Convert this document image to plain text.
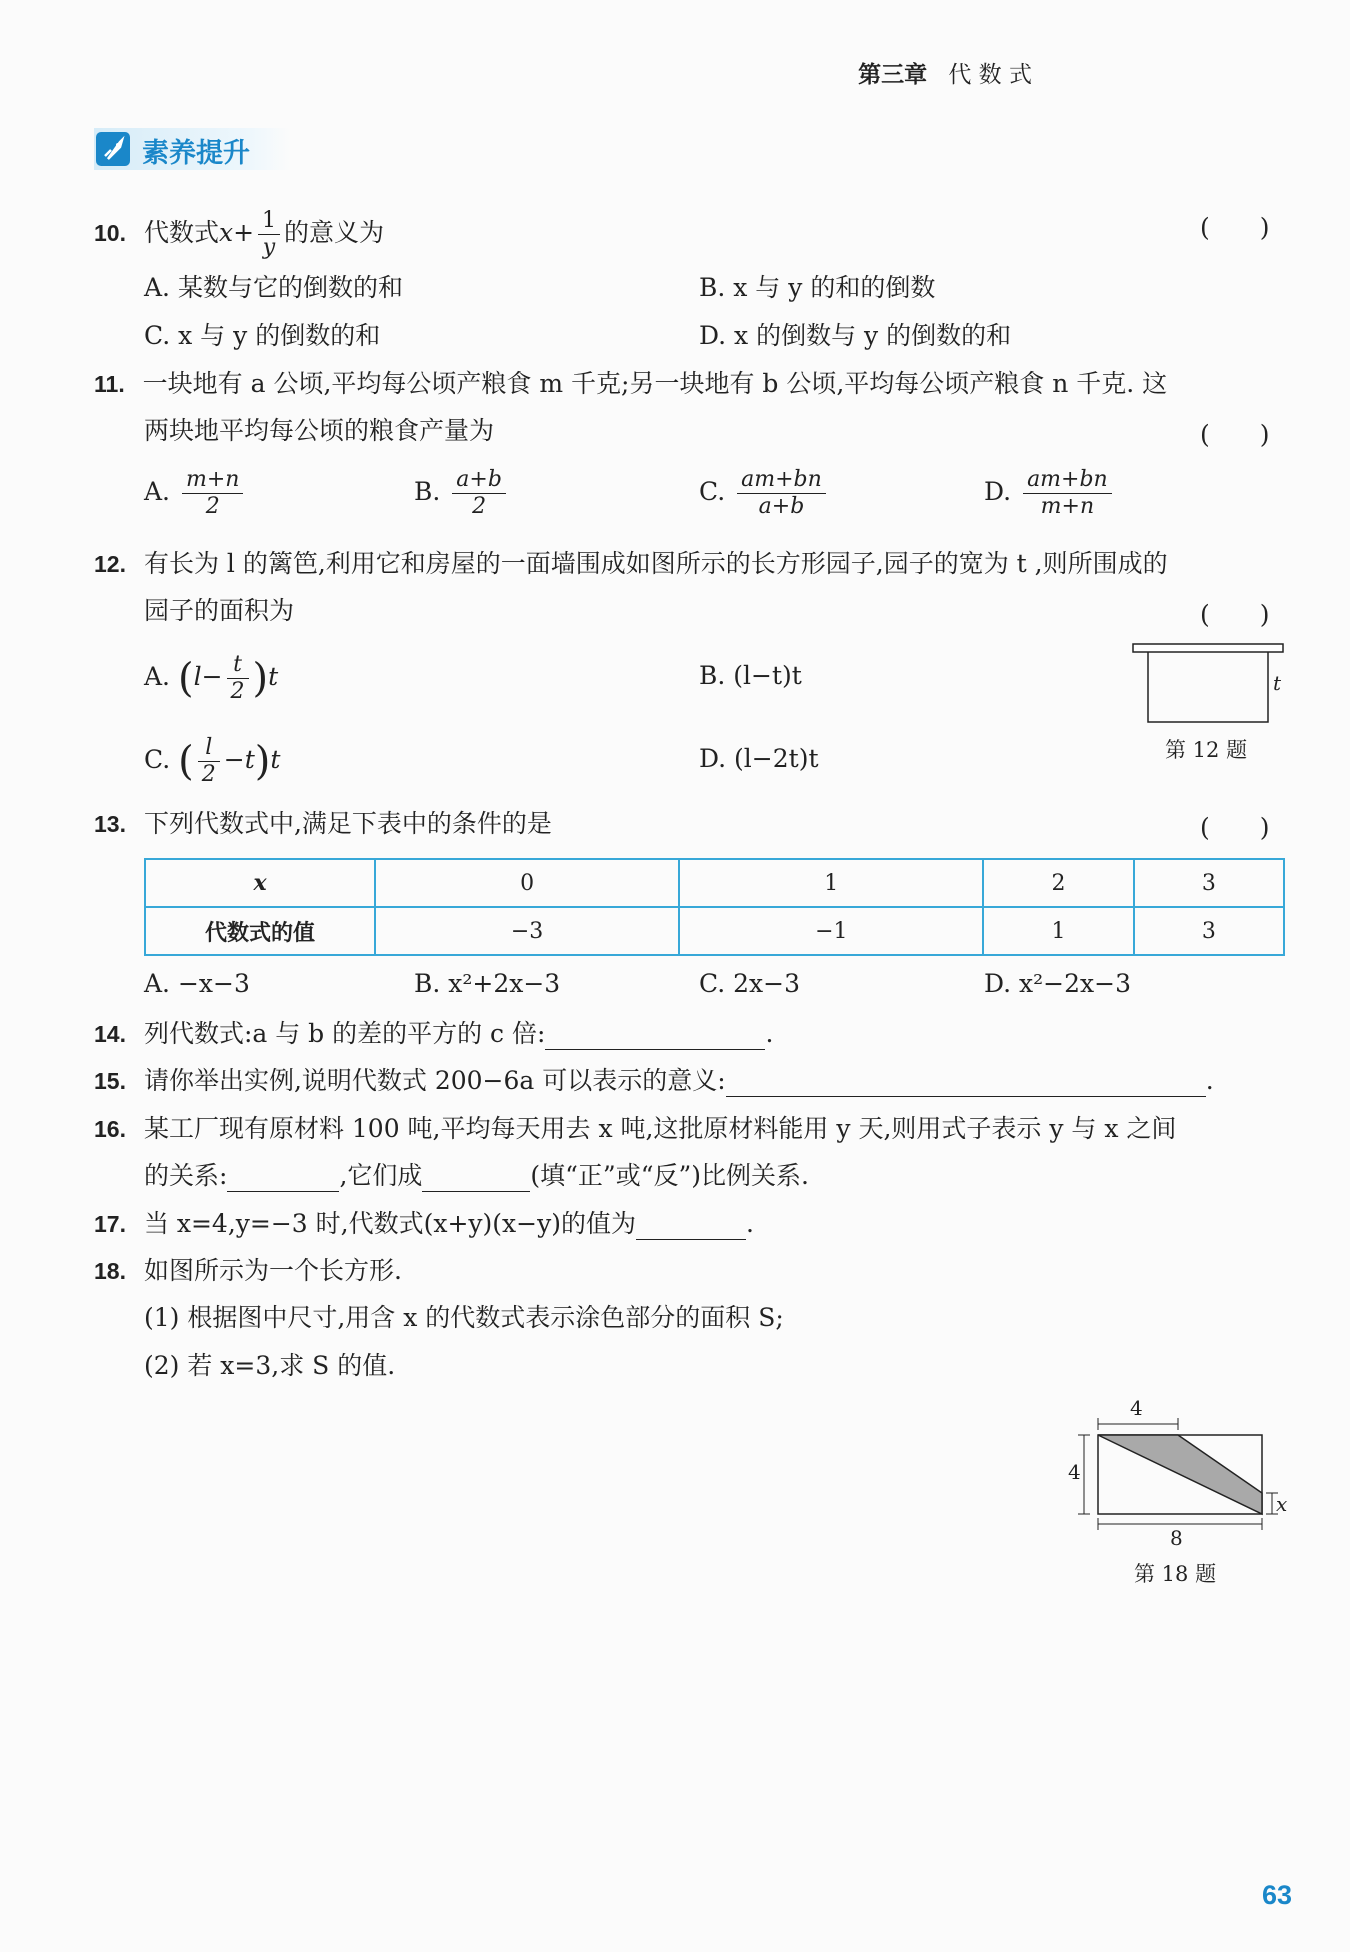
第三章 代 数 式
素养提升
10. 代数式$x+ \frac{1}{y}$ 的意义为	(　　)
A. 某数与它的倒数的和	B. x 与 y 的和的倒数
C. x 与 y 的倒数的和	D. x 的倒数与 y 的倒数的和
11. 一块地有 a 公顷,平均每公顷产粮食 m 千克;另一块地有 b 公顷,平均每公顷产粮食 n 千克. 这
两块地平均每公顷的粮食产量为	(　　)
A. $\frac{m+n}{2}$	B. $\frac{a+b}{2}$	C. $\frac{am+bn}{a+b}$	D. $\frac{am+bn}{m+n}$
12. 有长为 l 的篱笆,利用它和房屋的一面墙围成如图所示的长方形园子,园子的宽为 t ,则所围成的
园子的面积为	(　　)
A. $(l- \frac{t}{2} )t$	B. (l−t)t
C. ( $\frac{l}{2} -t)t$	D. (l−2t)t
t
第 12 题
13. 下列代数式中,满足下表中的条件的是	(　　)
x	0	1	2	3
代数式的值	−3	−1	1	3
A. −x−3	B. x²+2x−3	C. 2x−3	D. x²−2x−3
14. 列代数式:a 与 b 的差的平方的 c 倍:	.
15. 请你举出实例,说明代数式 200−6a 可以表示的意义:	.
16. 某工厂现有原材料 100 吨,平均每天用去 x 吨,这批原材料能用 y 天,则用式子表示 y 与 x 之间
的关系:	,它们成	(填“正”或“反”)比例关系.
17. 当 x=4,y=−3 时,代数式(x+y)(x−y)的值为	.
18. 如图所示为一个长方形.
(1) 根据图中尺寸,用含 x 的代数式表示涂色部分的面积 S;
(2) 若 x=3,求 S 的值.
4
4
8
x
第 18 题
63
